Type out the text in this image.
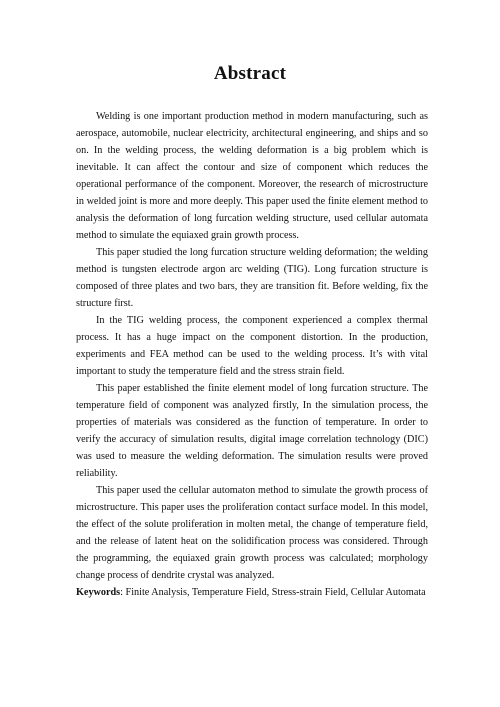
Abstract

Welding is one important production method in modern manufacturing, such as aerospace, automobile, nuclear electricity, architectural engineering, and ships and so on. In the welding process, the welding deformation is a big problem which is inevitable. It can affect the contour and size of component which reduces the operational performance of the component. Moreover, the research of microstructure in welded joint is more and more deeply. This paper used the finite element method to analysis the deformation of long furcation welding structure, used cellular automata method to simulate the equiaxed grain growth process.

This paper studied the long furcation structure welding deformation; the welding method is tungsten electrode argon arc welding (TIG). Long furcation structure is composed of three plates and two bars, they are transition fit. Before welding, fix the structure first.

In the TIG welding process, the component experienced a complex thermal process. It has a huge impact on the component distortion. In the production, experiments and FEA method can be used to the welding process. It’s with vital important to study the temperature field and the stress strain field.

This paper established the finite element model of long furcation structure. The temperature field of component was analyzed firstly, In the simulation process, the properties of materials was considered as the function of temperature. In order to verify the accuracy of simulation results, digital image correlation technology (DIC) was used to measure the welding deformation. The simulation results were proved reliability.

This paper used the cellular automaton method to simulate the growth process of microstructure. This paper uses the proliferation contact surface model. In this model, the effect of the solute proliferation in molten metal, the change of temperature field, and the release of latent heat on the solidification process was considered. Through the programming, the equiaxed grain growth process was calculated; morphology change process of dendrite crystal was analyzed.

Keywords: Finite Analysis, Temperature Field, Stress-strain Field, Cellular Automata
